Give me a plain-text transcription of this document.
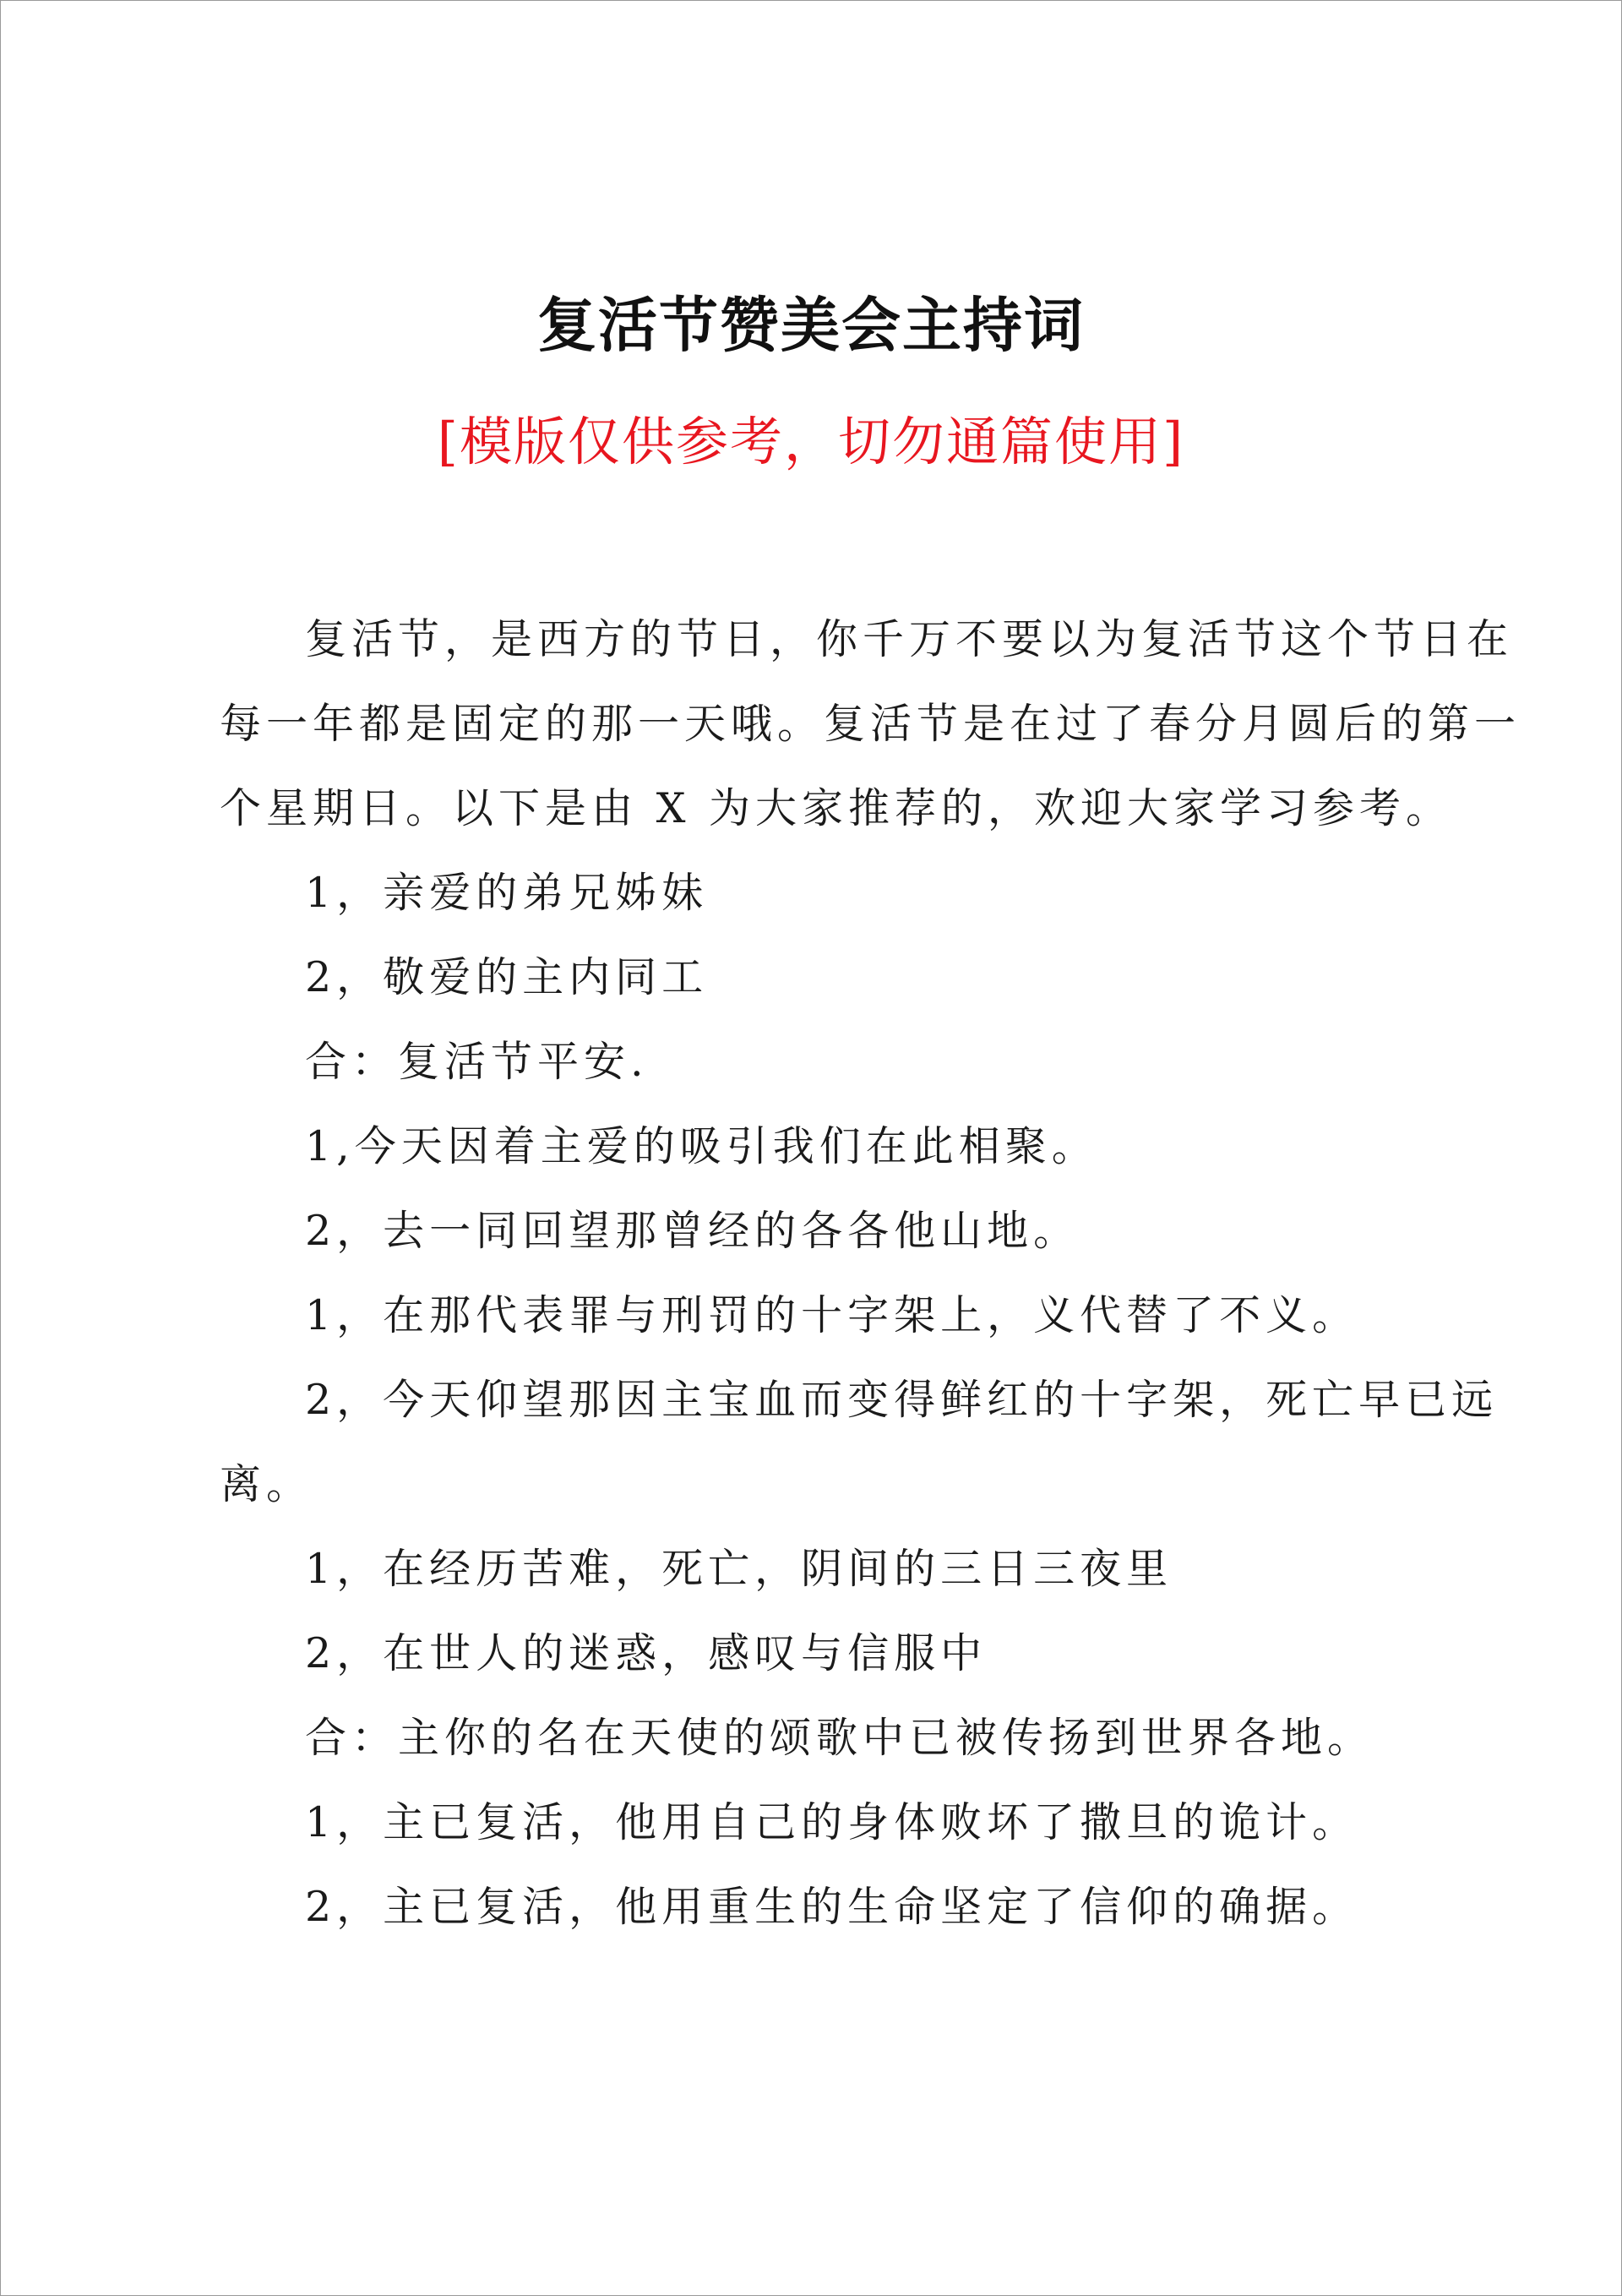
复活节赞美会主持词
[模版仅供参考，切勿通篇使用]
复活节，是西方的节日，你千万不要以为复活节这个节日在
每一年都是固定的那一天哦。复活节是在过了春分月圆后的第一
个星期日。以下是由 X 为大家推荐的，欢迎大家学习参考。
1，亲爱的弟兄姊妹
2，敬爱的主内同工
合：复活节平安.
1,今天因着主爱的吸引我们在此相聚。
2，去一同回望那曾经的各各他山地。
1，在那代表罪与刑罚的十字架上，义代替了不义。
2，今天仰望那因主宝血而变得鲜红的十字架，死亡早已远
离。
1，在经历苦难，死亡，阴间的三日三夜里
2，在世人的迷惑，感叹与信服中
合：主你的名在天使的颂歌中已被传扬到世界各地。
1，主已复活，他用自己的身体败坏了撒旦的诡计。
2，主已复活，他用重生的生命坚定了信仰的确据。
